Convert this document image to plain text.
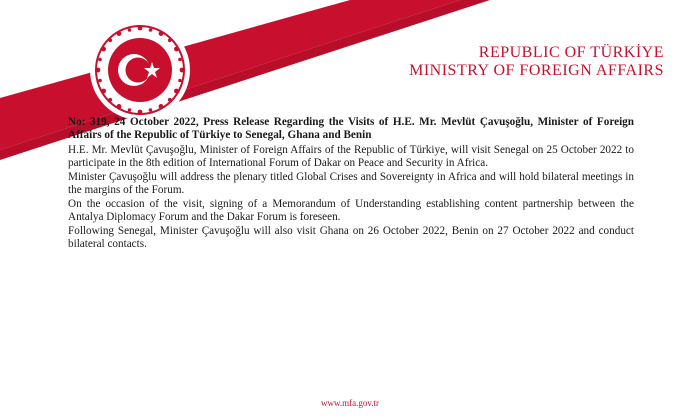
REPUBLIC OF TÜRKİYE
MINISTRY OF FOREIGN AFFAIRS

No: 319, 24 October 2022, Press Release Regarding the Visits of H.E. Mr. Mevlüt Çavuşoğlu, Minister of Foreign Affairs of the Republic of Türkiye to Senegal, Ghana and Benin

H.E. Mr. Mevlüt Çavuşoğlu, Minister of Foreign Affairs of the Republic of Türkiye, will visit Senegal on 25 October 2022 to participate in the 8th edition of International Forum of Dakar on Peace and Security in Africa.

Minister Çavuşoğlu will address the plenary titled Global Crises and Sovereignty in Africa and will hold bilateral meetings in the margins of the Forum.

On the occasion of the visit, signing of a Memorandum of Understanding establishing content partnership between the Antalya Diplomacy Forum and the Dakar Forum is foreseen.

Following Senegal, Minister Çavuşoğlu will also visit Ghana on 26 October 2022, Benin on 27 October 2022 and conduct bilateral contacts.

www.mfa.gov.tr
